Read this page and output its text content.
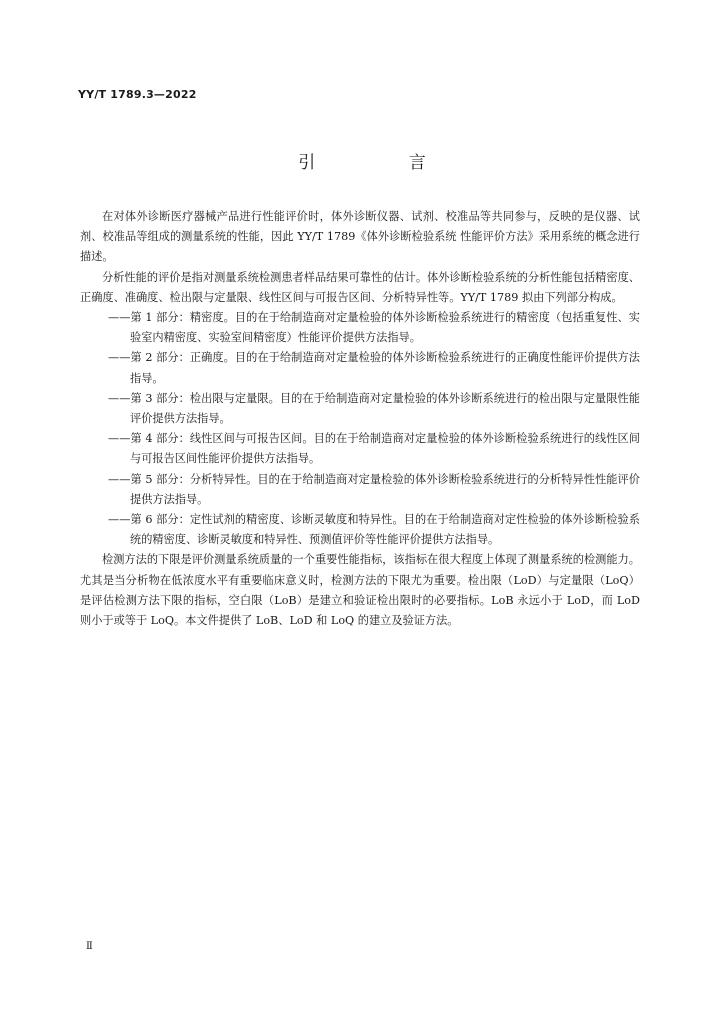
YY/T 1789.3—2022
引 言

在对体外诊断医疗器械产品进行性能评价时，体外诊断仪器、试剂、校准品等共同参与，反映的是仪器、试剂、校准品等组成的测量系统的性能，因此 YY/T 1789《体外诊断检验系统 性能评价方法》采用系统的概念进行描述。

分析性能的评价是指对测量系统检测患者样品结果可靠性的估计。体外诊断检验系统的分析性能包括精密度、正确度、准确度、检出限与定量限、线性区间与可报告区间、分析特异性等。YY/T 1789 拟由下列部分构成。

——第 1 部分：精密度。目的在于给制造商对定量检验的体外诊断检验系统进行的精密度（包括重复性、实验室内精密度、实验室间精密度）性能评价提供方法指导。

——第 2 部分：正确度。目的在于给制造商对定量检验的体外诊断检验系统进行的正确度性能评价提供方法指导。

——第 3 部分：检出限与定量限。目的在于给制造商对定量检验的体外诊断系统进行的检出限与定量限性能评价提供方法指导。

——第 4 部分：线性区间与可报告区间。目的在于给制造商对定量检验的体外诊断检验系统进行的线性区间与可报告区间性能评价提供方法指导。

——第 5 部分：分析特异性。目的在于给制造商对定量检验的体外诊断检验系统进行的分析特异性性能评价提供方法指导。

——第 6 部分：定性试剂的精密度、诊断灵敏度和特异性。目的在于给制造商对定性检验的体外诊断检验系统的精密度、诊断灵敏度和特异性、预测值评价等性能评价提供方法指导。

检测方法的下限是评价测量系统质量的一个重要性能指标，该指标在很大程度上体现了测量系统的检测能力。尤其是当分析物在低浓度水平有重要临床意义时，检测方法的下限尤为重要。检出限（LoD）与定量限（LoQ）是评估检测方法下限的指标，空白限（LoB）是建立和验证检出限时的必要指标。LoB 永远小于 LoD，而 LoD 则小于或等于 LoQ。本文件提供了 LoB、LoD 和 LoQ 的建立及验证方法。

Ⅱ
